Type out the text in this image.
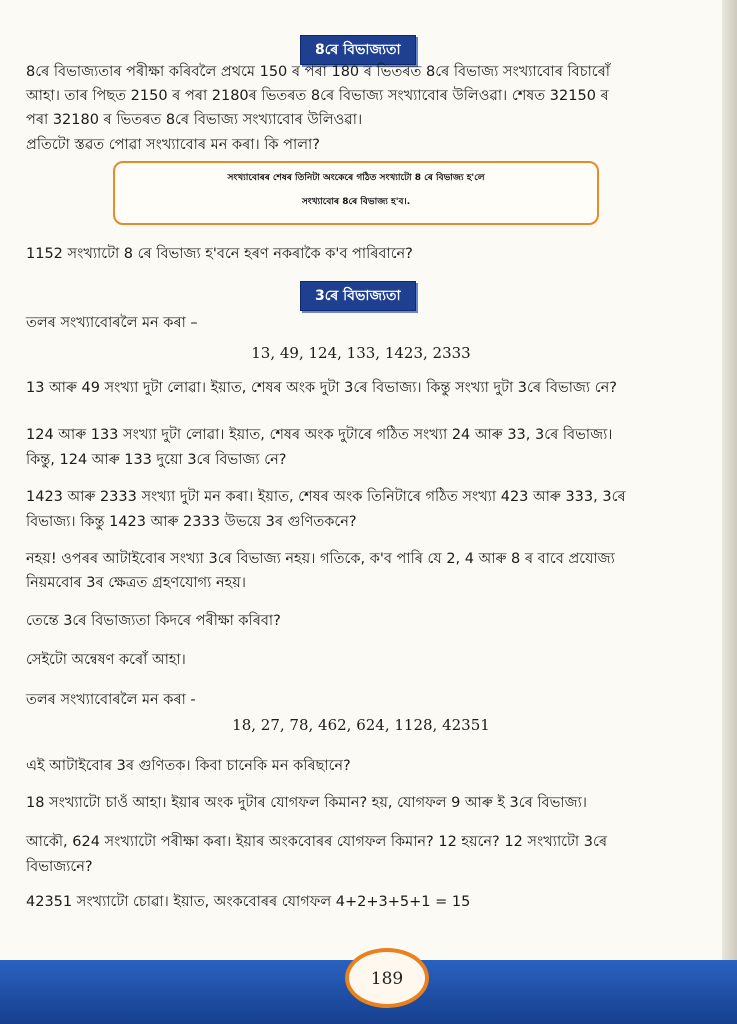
8ৰে বিভাজ্যতা
8ৰে বিভাজ্যতাৰ পৰীক্ষা কৰিবলৈ প্ৰথমে 150 ৰ পৰা 180 ৰ ভিতৰত 8ৰে বিভাজ্য সংখ্যাবোৰ বিচাৰোঁ
আহা। তাৰ পিছত 2150 ৰ পৰা 2180ৰ ভিতৰত 8ৰে বিভাজ্য সংখ্যাবোৰ উলিওৱা। শেষত 32150 ৰ
পৰা 32180 ৰ ভিতৰত 8ৰে বিভাজ্য সংখ্যাবোৰ উলিওৱা।
প্ৰতিটো স্তৱত পোৱা সংখ্যাবোৰ মন কৰা। কি পালা?
সংখ্যাবোৰৰ শেষৰ তিনিটা অংকেৰে গঠিত সংখ্যাটো 8 ৰে বিভাজ্য হ'লে
সংখ্যাবোৰ 8ৰে বিভাজ্য হ'ব।.
1152 সংখ্যাটো 8 ৰে বিভাজ্য হ'বনে হৰণ নকৰাকৈ ক'ব পাৰিবানে?
3ৰে বিভাজ্যতা
তলৰ সংখ্যাবোৰলৈ মন কৰা –
13, 49, 124, 133, 1423, 2333
13 আৰু 49 সংখ্যা দুটা লোৱা। ইয়াত, শেষৰ অংক দুটা 3ৰে বিভাজ্য। কিন্তু সংখ্যা দুটা 3ৰে বিভাজ্য নে?
124 আৰু 133 সংখ্যা দুটা লোৱা। ইয়াত, শেষৰ অংক দুটাৰে গঠিত সংখ্যা 24 আৰু 33, 3ৰে বিভাজ্য।
কিন্তু, 124 আৰু 133 দুয়ো 3ৰে বিভাজ্য নে?
1423 আৰু 2333 সংখ্যা দুটা মন কৰা। ইয়াত, শেষৰ অংক তিনিটাৰে গঠিত সংখ্যা 423 আৰু 333, 3ৰে
বিভাজ্য। কিন্তু 1423 আৰু 2333 উভয়ে 3ৰ গুণিতকনে?
নহয়! ওপৰৰ আটাইবোৰ সংখ্যা 3ৰে বিভাজ্য নহয়। গতিকে, ক'ব পাৰি যে 2, 4 আৰু 8 ৰ বাবে প্ৰযোজ্য
নিয়মবোৰ 3ৰ ক্ষেত্ৰত গ্ৰহণযোগ্য নহয়।
তেন্তে 3ৰে বিভাজ্যতা কিদৰে পৰীক্ষা কৰিবা?
সেইটো অন্বেষণ কৰোঁ আহা।
তলৰ সংখ্যাবোৰলৈ মন কৰা -
18, 27, 78, 462, 624, 1128, 42351
এই আটাইবোৰ 3ৰ গুণিতক। কিবা চানেকি মন কৰিছানে?
18 সংখ্যাটো চাওঁ আহা। ইয়াৰ অংক দুটাৰ যোগফল কিমান? হয়, যোগফল 9 আৰু ই 3ৰে বিভাজ্য।
আকৌ, 624 সংখ্যাটো পৰীক্ষা কৰা। ইয়াৰ অংকবোৰৰ যোগফল কিমান? 12 হয়নে? 12 সংখ্যাটো 3ৰে
বিভাজ্যনে?
42351 সংখ্যাটো চোৱা। ইয়াত, অংকবোৰৰ যোগফল 4+2+3+5+1 = 15
189
